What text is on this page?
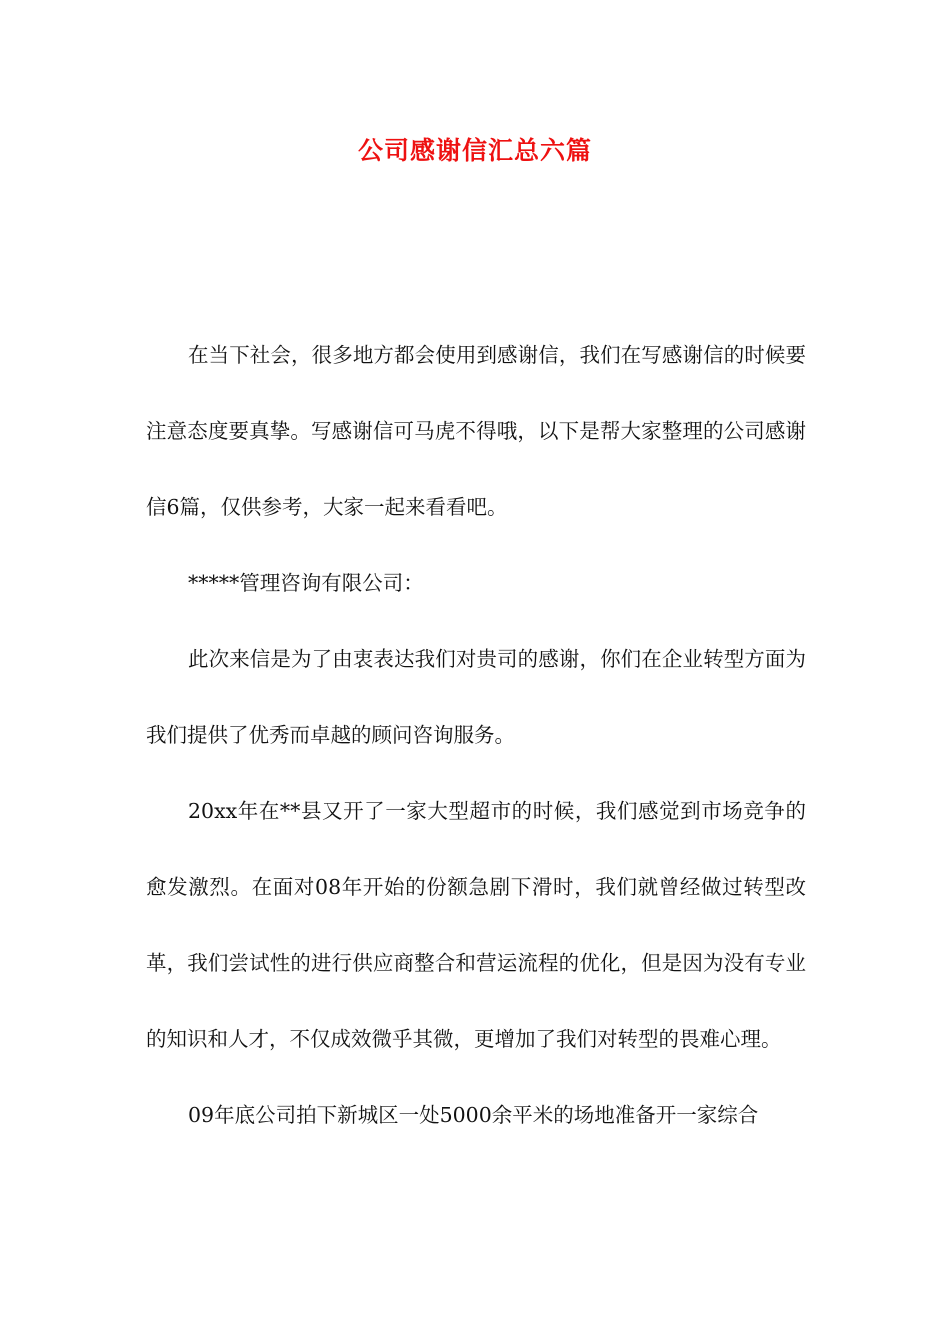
公司感谢信汇总六篇

在当下社会，很多地方都会使用到感谢信，我们在写感谢信的时候要注意态度要真挚。写感谢信可马虎不得哦，以下是帮大家整理的公司感谢信6篇，仅供参考，大家一起来看看吧。

*****管理咨询有限公司：

此次来信是为了由衷表达我们对贵司的感谢，你们在企业转型方面为我们提供了优秀而卓越的顾问咨询服务。

20xx年在**县又开了一家大型超市的时候，我们感觉到市场竞争的愈发激烈。在面对08年开始的份额急剧下滑时，我们就曾经做过转型改革，我们尝试性的进行供应商整合和营运流程的优化，但是因为没有专业的知识和人才，不仅成效微乎其微，更增加了我们对转型的畏难心理。

09年底公司拍下新城区一处5000余平米的场地准备开一家综合
